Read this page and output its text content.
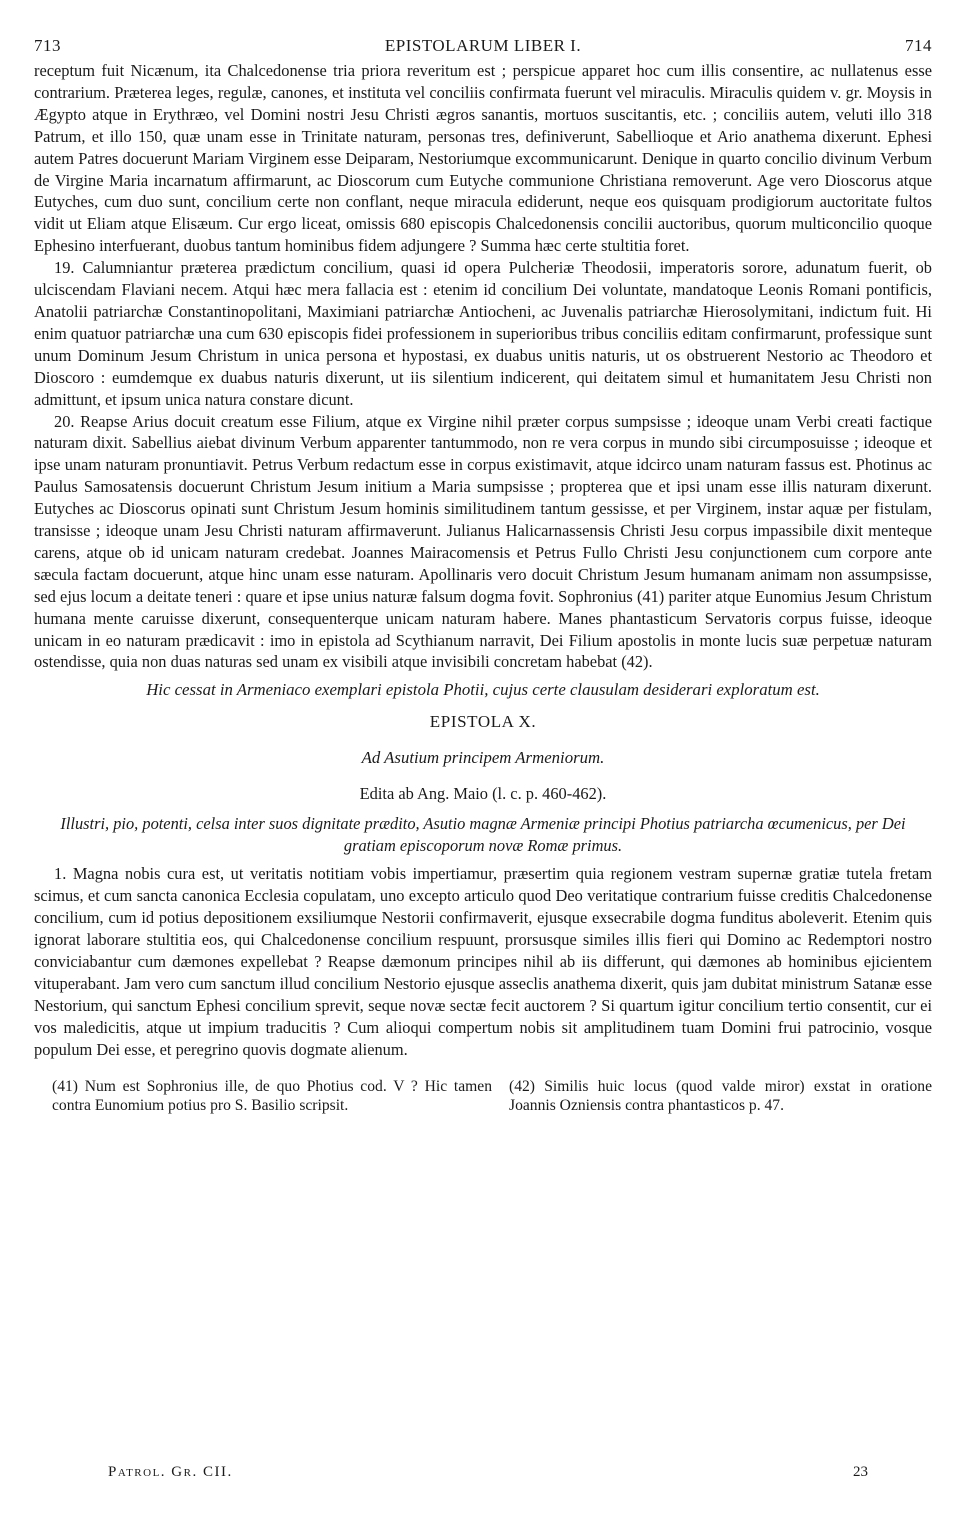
713	EPISTOLARUM LIBER I.	714

receptum fuit Nicænum, ita Chalcedonense tria priora reveritum est ; perspicue apparet hoc cum illis consentire, ac nullatenus esse contrarium. Præterea leges, regulæ, canones, et instituta vel conciliis confirmata fuerunt vel miraculis. Miraculis quidem v. gr. Moysis in Ægypto atque in Erythræo, vel Domini nostri Jesu Christi ægros sanantis, mortuos suscitantis, etc. ; conciliis autem, veluti illo 318 Patrum, et illo 150, quæ unam esse in Trinitate naturam, personas tres, definiverunt, Sabellioque et Ario anathema dixerunt. Ephesi autem Patres docuerunt Mariam Virginem esse Deiparam, Nestoriumque excommunicarunt. Denique in quarto concilio divinum Verbum de Virgine Maria incarnatum affirmarunt, ac Dioscorum cum Eutyche communione Christiana removerunt. Age vero Dioscorus atque Eutyches, cum duo sunt, concilium certe non conflant, neque miracula ediderunt, neque eos quisquam prodigiorum auctoritate fultos vidit ut Eliam atque Elisæum. Cur ergo liceat, omissis 680 episcopis Chalcedonensis concilii auctoribus, quorum multiconcilio quoque Ephesino interfuerant, duobus tantum hominibus fidem adjungere ? Summa hæc certe stultitia foret.

19. Calumniantur præterea prædictum concilium, quasi id opera Pulcheriæ Theodosii, imperatoris sorore, adunatum fuerit, ob ulciscendam Flaviani necem. Atqui hæc mera fallacia est : etenim id concilium Dei voluntate, mandatoque Leonis Romani pontificis, Anatolii patriarchæ Constantinopolitani, Maximiani patriarchæ Antiocheni, ac Juvenalis patriarchæ Hierosolymitani, indictum fuit. Hi enim quatuor patriarchæ una cum 630 episcopis fidei professionem in superioribus tribus conciliis editam confirmarunt, professique sunt unum Dominum Jesum Christum in unica persona et hypostasi, ex duabus unitis naturis, ut os obstruerent Nestorio ac Theodoro et Dioscoro : eumdemque ex duabus naturis dixerunt, ut iis silentium indicerent, qui deitatem simul et humanitatem Jesu Christi non admittunt, et ipsum unica natura constare dicunt.

20. Reapse Arius docuit creatum esse Filium, atque ex Virgine nihil præter corpus sumpsisse ; ideoque unam Verbi creati factique naturam dixit. Sabellius aiebat divinum Verbum apparenter tantummodo, non re vera corpus in mundo sibi circumposuisse ; ideoque et ipse unam naturam pronuntiavit. Petrus Verbum redactum esse in corpus existimavit, atque idcirco unam naturam fassus est. Photinus ac Paulus Samosatensis docuerunt Christum Jesum initium a Maria sumpsisse ; propterea que et ipsi unam esse illis naturam dixerunt. Eutyches ac Dioscorus opinati sunt Christum Jesum hominis similitudinem tantum gessisse, et per Virginem, instar aquæ per fistulam, transisse ; ideoque unam Jesu Christi naturam affirmaverunt. Julianus Halicarnassensis Christi Jesu corpus impassibile dixit menteque carens, atque ob id unicam naturam credebat. Joannes Mairacomensis et Petrus Fullo Christi Jesu conjunctionem cum corpore ante sæcula factam docuerunt, atque hinc unam esse naturam. Apollinaris vero docuit Christum Jesum humanam animam non assumpsisse, sed ejus locum a deitate teneri : quare et ipse unius naturæ falsum dogma fovit. Sophronius (41) pariter atque Eunomius Jesum Christum humana mente caruisse dixerunt, consequenterque unicam naturam habere. Manes phantasticum Servatoris corpus fuisse, ideoque unicam in eo naturam prædicavit : imo in epistola ad Scythianum narravit, Dei Filium apostolis in monte lucis suæ perpetuæ naturam ostendisse, quia non duas naturas sed unam ex visibili atque invisibili concretam habebat (42).

Hic cessat in Armeniaco exemplari epistola Photii, cujus certe clausulam desiderari exploratum est.

EPISTOLA X.

Ad Asutium principem Armeniorum.

Edita ab Ang. Maio (l. c. p. 460-462).

Illustri, pio, potenti, celsa inter suos dignitate prædito, Asutio magnæ Armeniæ principi Photius patriarcha œcumenicus, per Dei gratiam episcoporum novæ Romæ primus.

1. Magna nobis cura est, ut veritatis notitiam vobis impertiamur, præsertim quia regionem vestram supernæ gratiæ tutela fretam scimus, et cum sancta canonica Ecclesia copulatam, uno excepto articulo quod Deo veritatique contrarium fuisse creditis Chalcedonense concilium, cum id potius depositionem exsiliumque Nestorii confirmaverit, ejusque exsecrabile dogma funditus aboleverit. Etenim quis ignorat laborare stultitia eos, qui Chalcedonense concilium respuunt, prorsusque similes illis fieri qui Domino ac Redemptori nostro conviciabantur cum dæmones expellebat ? Reapse dæmonum principes nihil ab iis differunt, qui dæmones ab hominibus ejicientem vituperabant. Jam vero cum sanctum illud concilium Nestorio ejusque asseclis anathema dixerit, quis jam dubitat ministrum Satanæ esse Nestorium, qui sanctum Ephesi concilium sprevit, seque novæ sectæ fecit auctorem ? Si quartum igitur concilium tertio consentit, cur ei vos maledicitis, atque ut impium traducitis ? Cum alioqui compertum nobis sit amplitudinem tuam Domini frui patrocinio, vosque populum Dei esse, et peregrino quovis dogmate alienum.

(41) Num est Sophronius ille, de quo Photius cod. V ? Hic tamen contra Eunomium potius pro S. Basilio scripsit.

(42) Similis huic locus (quod valde miror) exstat in oratione Joannis Ozniensis contra phantasticos p. 47.

Patrol. Gr. CII.	23
